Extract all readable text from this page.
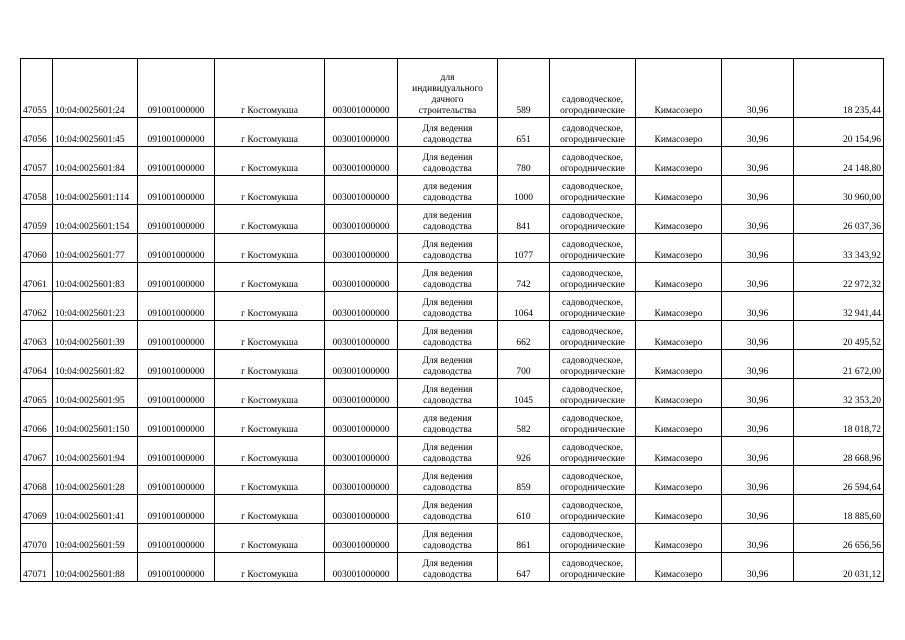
47055	10:04:0025601:24	091001000000	г Костомукша	003001000000	для
индивидуального
дачного
строительства	589	садоводческое,
огороднические	Кимасозеро	30,96	18 235,44
47056	10:04:0025601:45	091001000000	г Костомукша	003001000000	Для ведения
садоводства	651	садоводческое,
огороднические	Кимасозеро	30,96	20 154,96
47057	10:04:0025601:84	091001000000	г Костомукша	003001000000	Для ведения
садоводства	780	садоводческое,
огороднические	Кимасозеро	30,96	24 148,80
47058	10:04:0025601:114	091001000000	г Костомукша	003001000000	для ведения
садоводства	1000	садоводческое,
огороднические	Кимасозеро	30,96	30 960,00
47059	10:04:0025601:154	091001000000	г Костомукша	003001000000	для ведения
садоводства	841	садоводческое,
огороднические	Кимасозеро	30,96	26 037,36
47060	10:04:0025601:77	091001000000	г Костомукша	003001000000	Для ведения
садоводства	1077	садоводческое,
огороднические	Кимасозеро	30,96	33 343,92
47061	10:04:0025601:83	091001000000	г Костомукша	003001000000	Для ведения
садоводства	742	садоводческое,
огороднические	Кимасозеро	30,96	22 972,32
47062	10:04:0025601:23	091001000000	г Костомукша	003001000000	Для ведения
садоводства	1064	садоводческое,
огороднические	Кимасозеро	30,96	32 941,44
47063	10:04:0025601:39	091001000000	г Костомукша	003001000000	Для ведения
садоводства	662	садоводческое,
огороднические	Кимасозеро	30,96	20 495,52
47064	10:04:0025601:82	091001000000	г Костомукша	003001000000	Для ведения
садоводства	700	садоводческое,
огороднические	Кимасозеро	30,96	21 672,00
47065	10:04:0025601:95	091001000000	г Костомукша	003001000000	Для ведения
садоводства	1045	садоводческое,
огороднические	Кимасозеро	30,96	32 353,20
47066	10:04:0025601:150	091001000000	г Костомукша	003001000000	для ведения
садоводства	582	садоводческое,
огороднические	Кимасозеро	30,96	18 018,72
47067	10:04:0025601:94	091001000000	г Костомукша	003001000000	Для ведения
садоводства	926	садоводческое,
огороднические	Кимасозеро	30,96	28 668,96
47068	10:04:0025601:28	091001000000	г Костомукша	003001000000	Для ведения
садоводства	859	садоводческое,
огороднические	Кимасозеро	30,96	26 594,64
47069	10:04:0025601:41	091001000000	г Костомукша	003001000000	Для ведения
садоводства	610	садоводческое,
огороднические	Кимасозеро	30,96	18 885,60
47070	10:04:0025601:59	091001000000	г Костомукша	003001000000	Для ведения
садоводства	861	садоводческое,
огороднические	Кимасозеро	30,96	26 656,56
47071	10:04:0025601:88	091001000000	г Костомукша	003001000000	Для ведения
садоводства	647	садоводческое,
огороднические	Кимасозеро	30,96	20 031,12
